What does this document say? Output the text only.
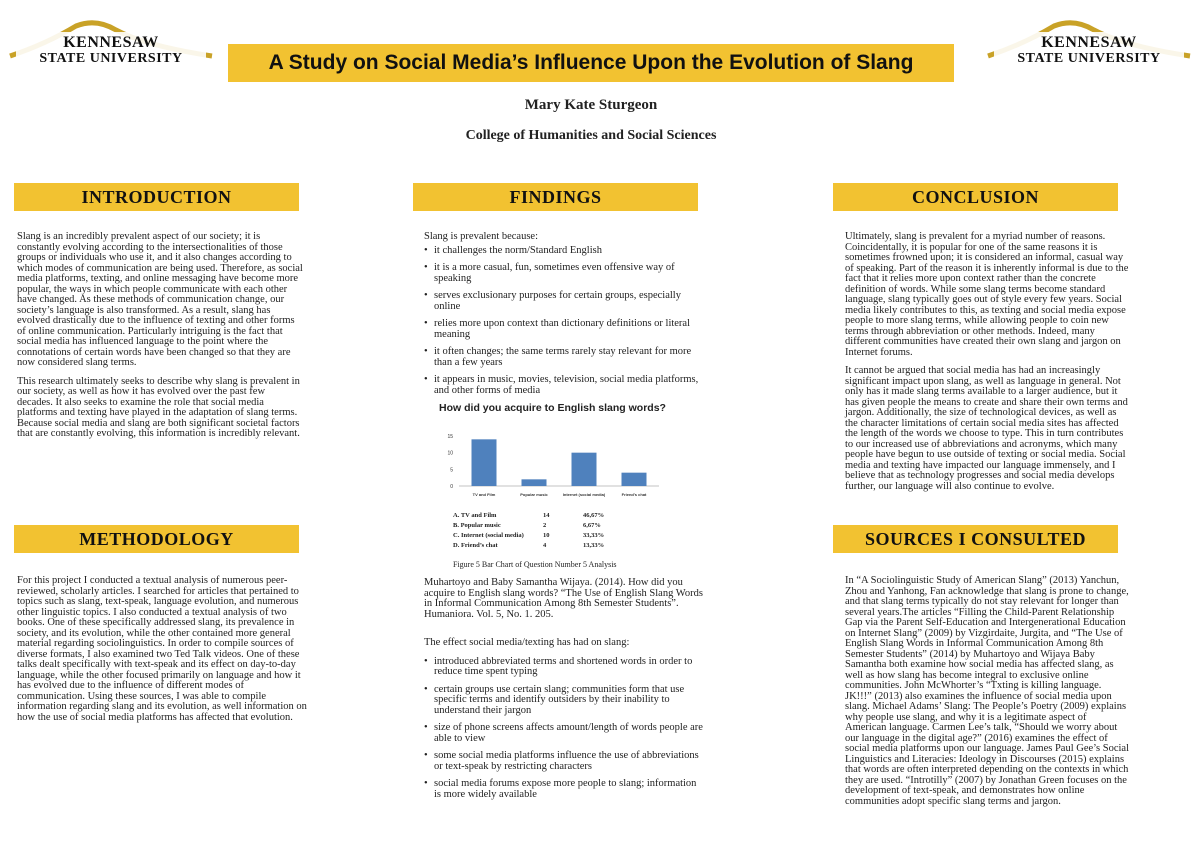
KENNESAW
STATE UNIVERSITY
KENNESAW
STATE UNIVERSITY
A Study on Social Media’s Influence Upon the Evolution of Slang
Mary Kate Sturgeon
College of Humanities and Social Sciences
INTRODUCTION

Slang is an incredibly prevalent aspect of our society; it is constantly evolving according to the intersectionalities of those groups or individuals who use it, and it also changes according to which modes of communication are being used. Therefore, as social media platforms, texting, and online messaging have become more popular, the ways in which people communicate with each other have changed. As these methods of communication change, our society’s language is also transformed. As a result, slang has evolved drastically due to the influence of texting and other forms of online communication. Particularly intriguing is the fact that social media has influenced language to the point where the connotations of certain words have been changed so that they are now considered slang terms.

This research ultimately seeks to describe why slang is prevalent in our society, as well as how it has evolved over the past few decades. It also seeks to examine the role that social media platforms and texting have played in the adaptation of slang terms. Because social media and slang are both significant societal factors that are constantly evolving, this information is incredibly relevant.

METHODOLOGY

For this project I conducted a textual analysis of numerous peer-reviewed, scholarly articles. I searched for articles that pertained to topics such as slang, text-speak, language evolution, and numerous other linguistic topics. I also conducted a textual analysis of two books. One of these specifically addressed slang, its prevalence in society, and its evolution, while the other contained more general material regarding sociolinguistics. In order to compile sources of diverse formats, I also examined two Ted Talk videos. One of these talks dealt specifically with text-speak and its effect on day-to-day language, while the other focused primarily on language and how it has evolved due to the influence of different modes of communication. Using these sources, I was able to compile information regarding slang and its evolution, as well information on how the use of social media platforms has affected that evolution.

FINDINGS
Slang is prevalent because:
• it challenges the norm/Standard English
• it is a more casual, fun, sometimes even offensive way of speaking
• serves exclusionary purposes for certain groups, especially online
• relies more upon context than dictionary definitions or literal meaning
• it often changes; the same terms rarely stay relevant for more than a few years
• it appears in music, movies, television, social media platforms, and other forms of media
How did you acquire to English slang words?
0
5
10
15
TV and Film	Popular music	Internet (social media)	Friend’s chat
A. TV and Film	14	46,67%
B. Popular music	2	6,67%
C. Internet (social media)	10	33,33%
D. Friend’s chat	4	13,33%
Figure 5 Bar Chart of Question Number 5 Analysis
Muhartoyo and Baby Samantha Wijaya. (2014). How did you acquire to English slang words? “The Use of English Slang Words in Informal Communication Among 8th Semester Students”. Humaniora. Vol. 5, No. 1. 205.
The effect social media/texting has had on slang:
• introduced abbreviated terms and shortened words in order to reduce time spent typing
• certain groups use certain slang; communities form that use specific terms and identify outsiders by their inability to understand their jargon
• size of phone screens affects amount/length of words people are able to view
• some social media platforms influence the use of abbreviations or text-speak by restricting characters
• social media forums expose more people to slang; information is more widely available
CONCLUSION

Ultimately, slang is prevalent for a myriad number of reasons. Coincidentally, it is popular for one of the same reasons it is sometimes frowned upon; it is considered an informal, casual way of speaking. Part of the reason it is inherently informal is due to the fact that it relies more upon context rather than the concrete definition of words. While some slang terms become standard language, slang typically goes out of style every few years. Social media likely contributes to this, as texting and social media expose people to more slang terms, while allowing people to coin new terms through abbreviation or other methods. Indeed, many different communities have created their own slang and jargon on Internet forums.

It cannot be argued that social media has had an increasingly significant impact upon slang, as well as language in general. Not only has it made slang terms available to a larger audience, but it has given people the means to create and share their own terms and jargon. Additionally, the size of technological devices, as well as the character limitations of certain social media sites has affected the length of the words we choose to type. This in turn contributes to our increased use of abbreviations and acronyms, which many people have begun to use outside of texting or social media. Social media and texting have impacted our language immensely, and I believe that as technology progresses and social media develops further, our language will also continue to evolve.

SOURCES I CONSULTED

In “A Sociolinguistic Study of American Slang” (2013) Yanchun, Zhou and Yanhong, Fan acknowledge that slang is prone to change, and that slang terms typically do not stay relevant for longer than several years.The articles “Filling the Child-Parent Relationship Gap via the Parent Self-Education and Intergenerational Education on Internet Slang” (2009) by Vizgirdaite, Jurgita, and “The Use of English Slang Words in Informal Communication Among 8th Semester Students” (2014) by Muhartoyo and Wijaya Baby Samantha both examine how social media has affected slang, as well as how slang has become integral to exclusive online communities. John McWhorter’s “Txting is killing language. JK!!!” (2013) also examines the influence of social media upon slang. Michael Adams’ Slang: The People’s Poetry (2009) explains why people use slang, and why it is a legitimate aspect of American language. Carmen Lee’s talk, “Should we worry about our language in the digital age?” (2016) examines the effect of social media platforms upon our language. James Paul Gee’s Social Linguistics and Literacies: Ideology in Discourses (2015) explains that words are often interpreted depending on the contexts in which they are used. “Introtilly” (2007) by Jonathan Green focuses on the development of text-speak, and demonstrates how online communities adopt specific slang terms and jargon.
